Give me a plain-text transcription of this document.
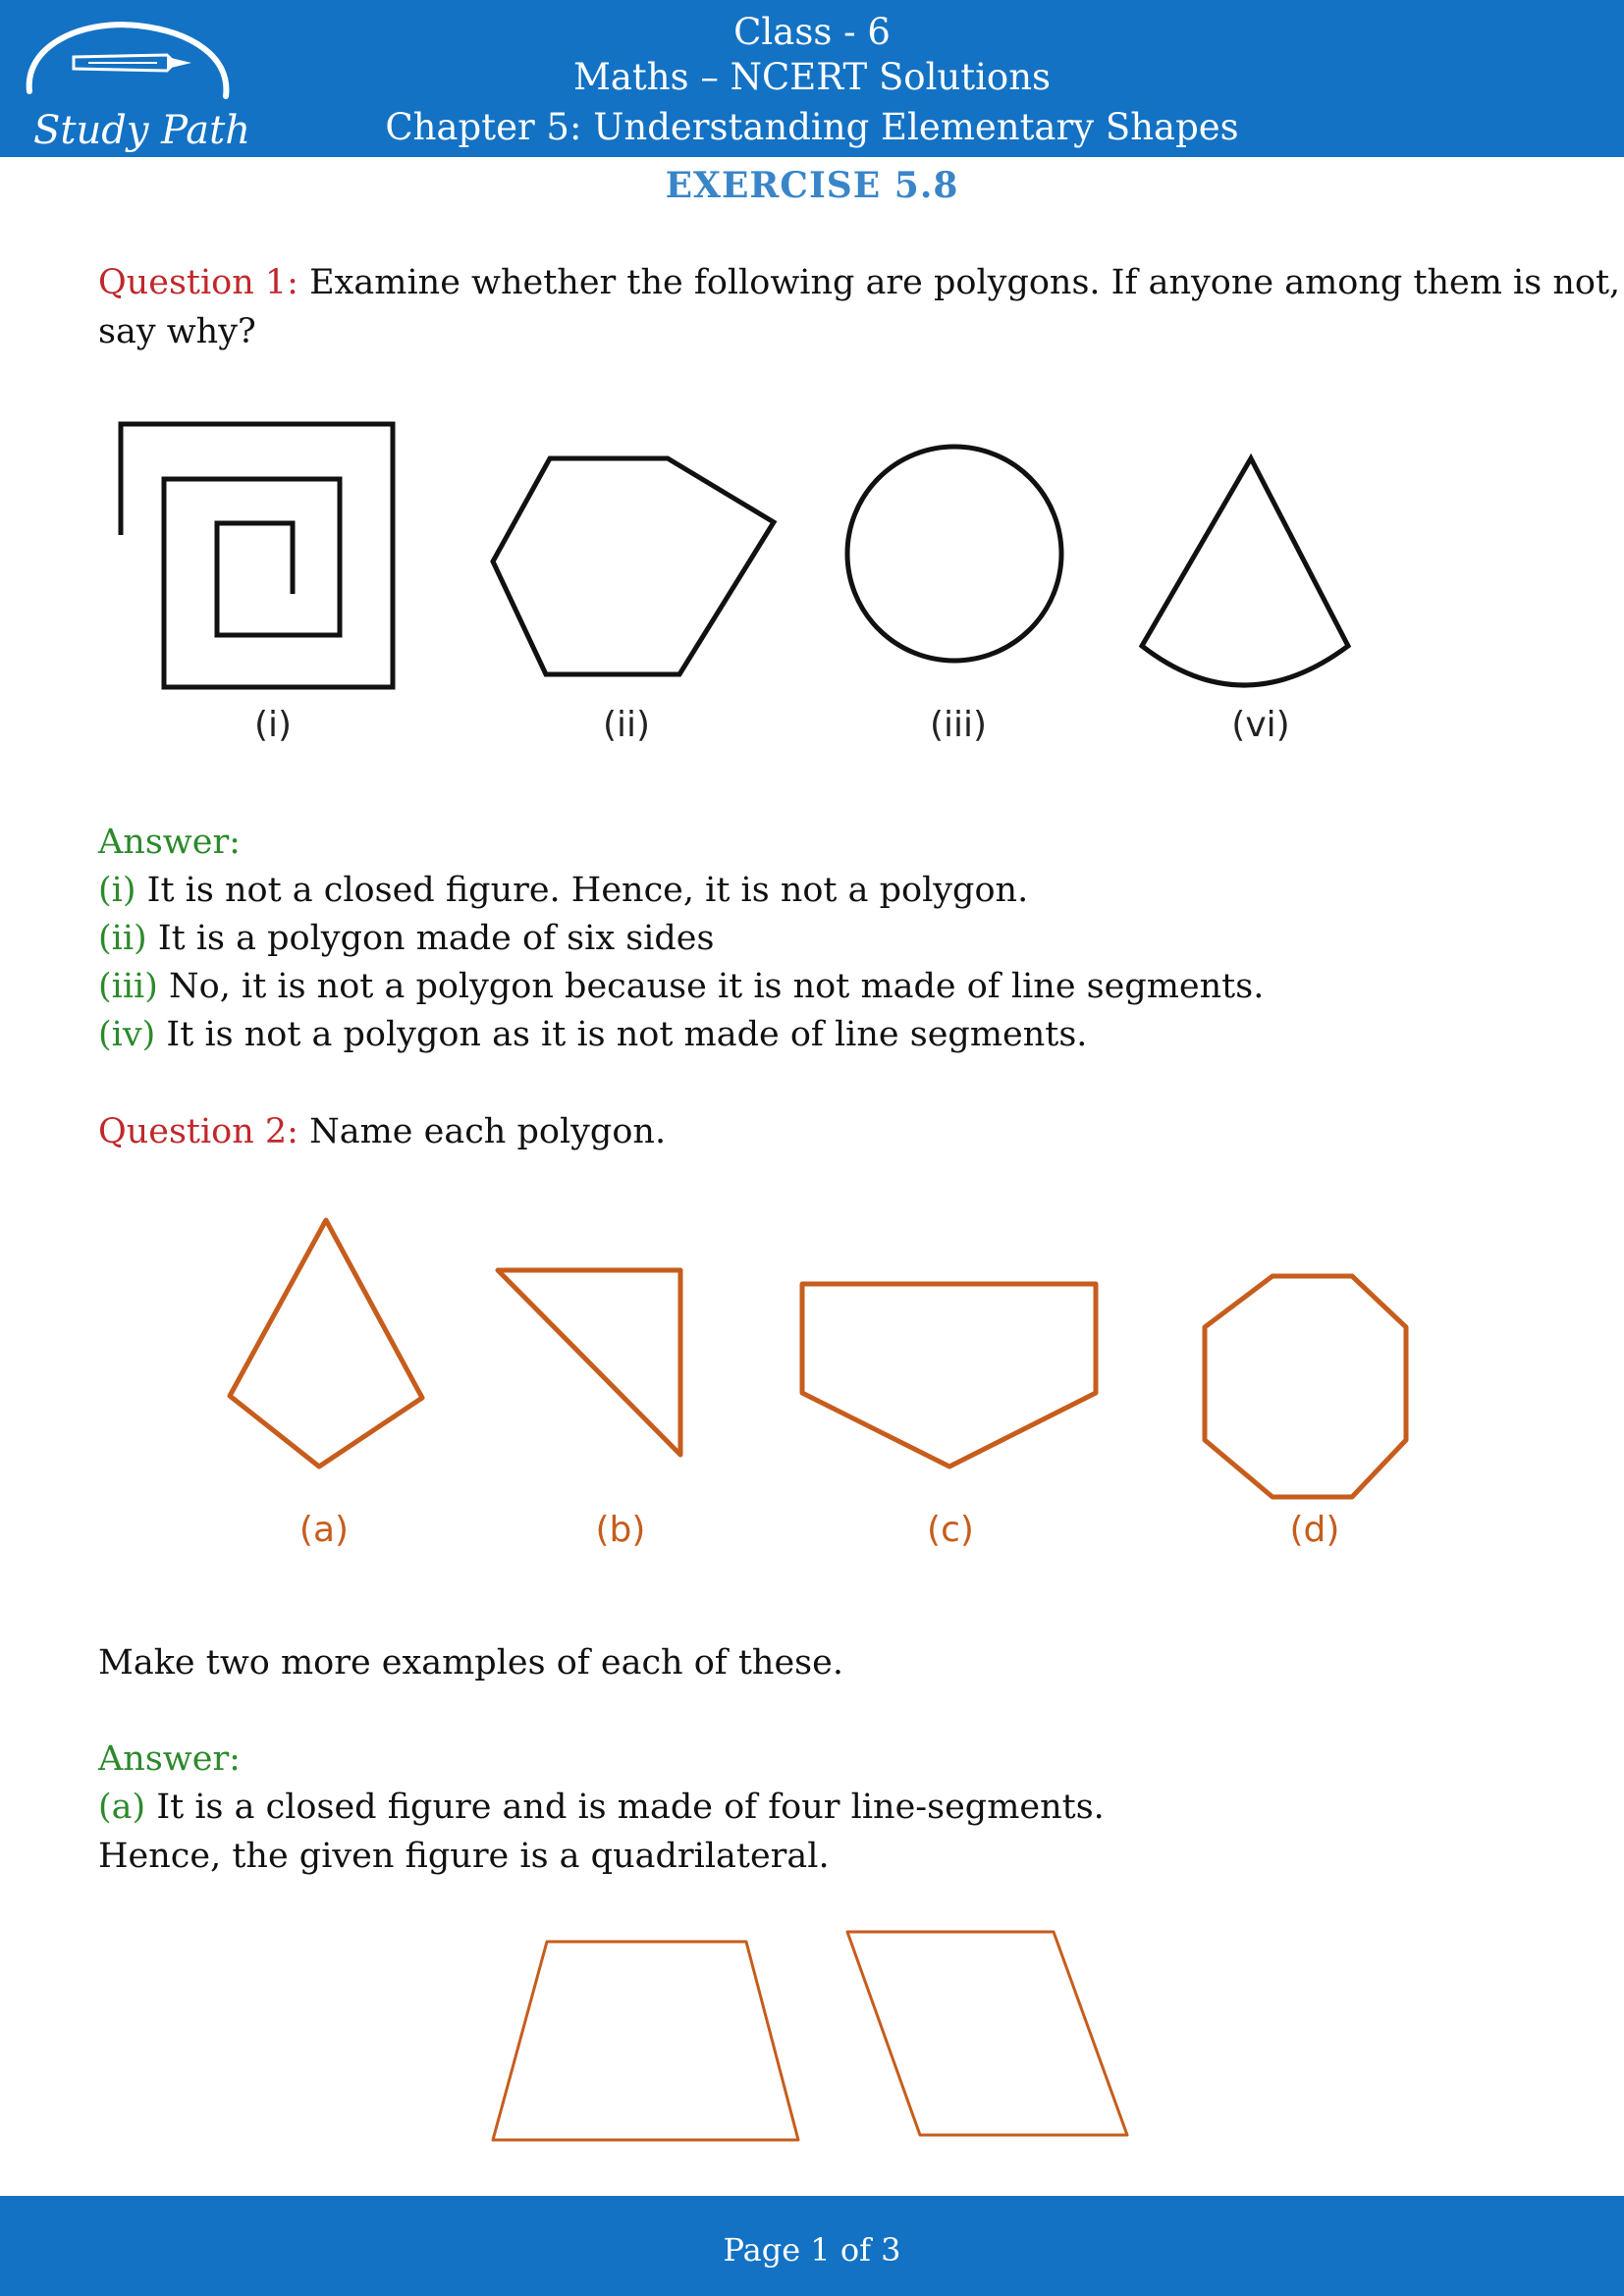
Study Path
Class - 6
Maths – NCERT Solutions
Chapter 5: Understanding Elementary Shapes
EXERCISE 5.8
Question 1: Examine whether the following are polygons. If anyone among them is not,
say why?
(i)	(ii)	(iii)	(vi)
Answer:
(i) It is not a closed figure. Hence, it is not a polygon.
(ii) It is a polygon made of six sides
(iii) No, it is not a polygon because it is not made of line segments.
(iv) It is not a polygon as it is not made of line segments.
Question 2: Name each polygon.
(a)	(b)	(c)	(d)
Make two more examples of each of these.
Answer:
(a) It is a closed figure and is made of four line-segments.
Hence, the given figure is a quadrilateral.
Page 1 of 3
